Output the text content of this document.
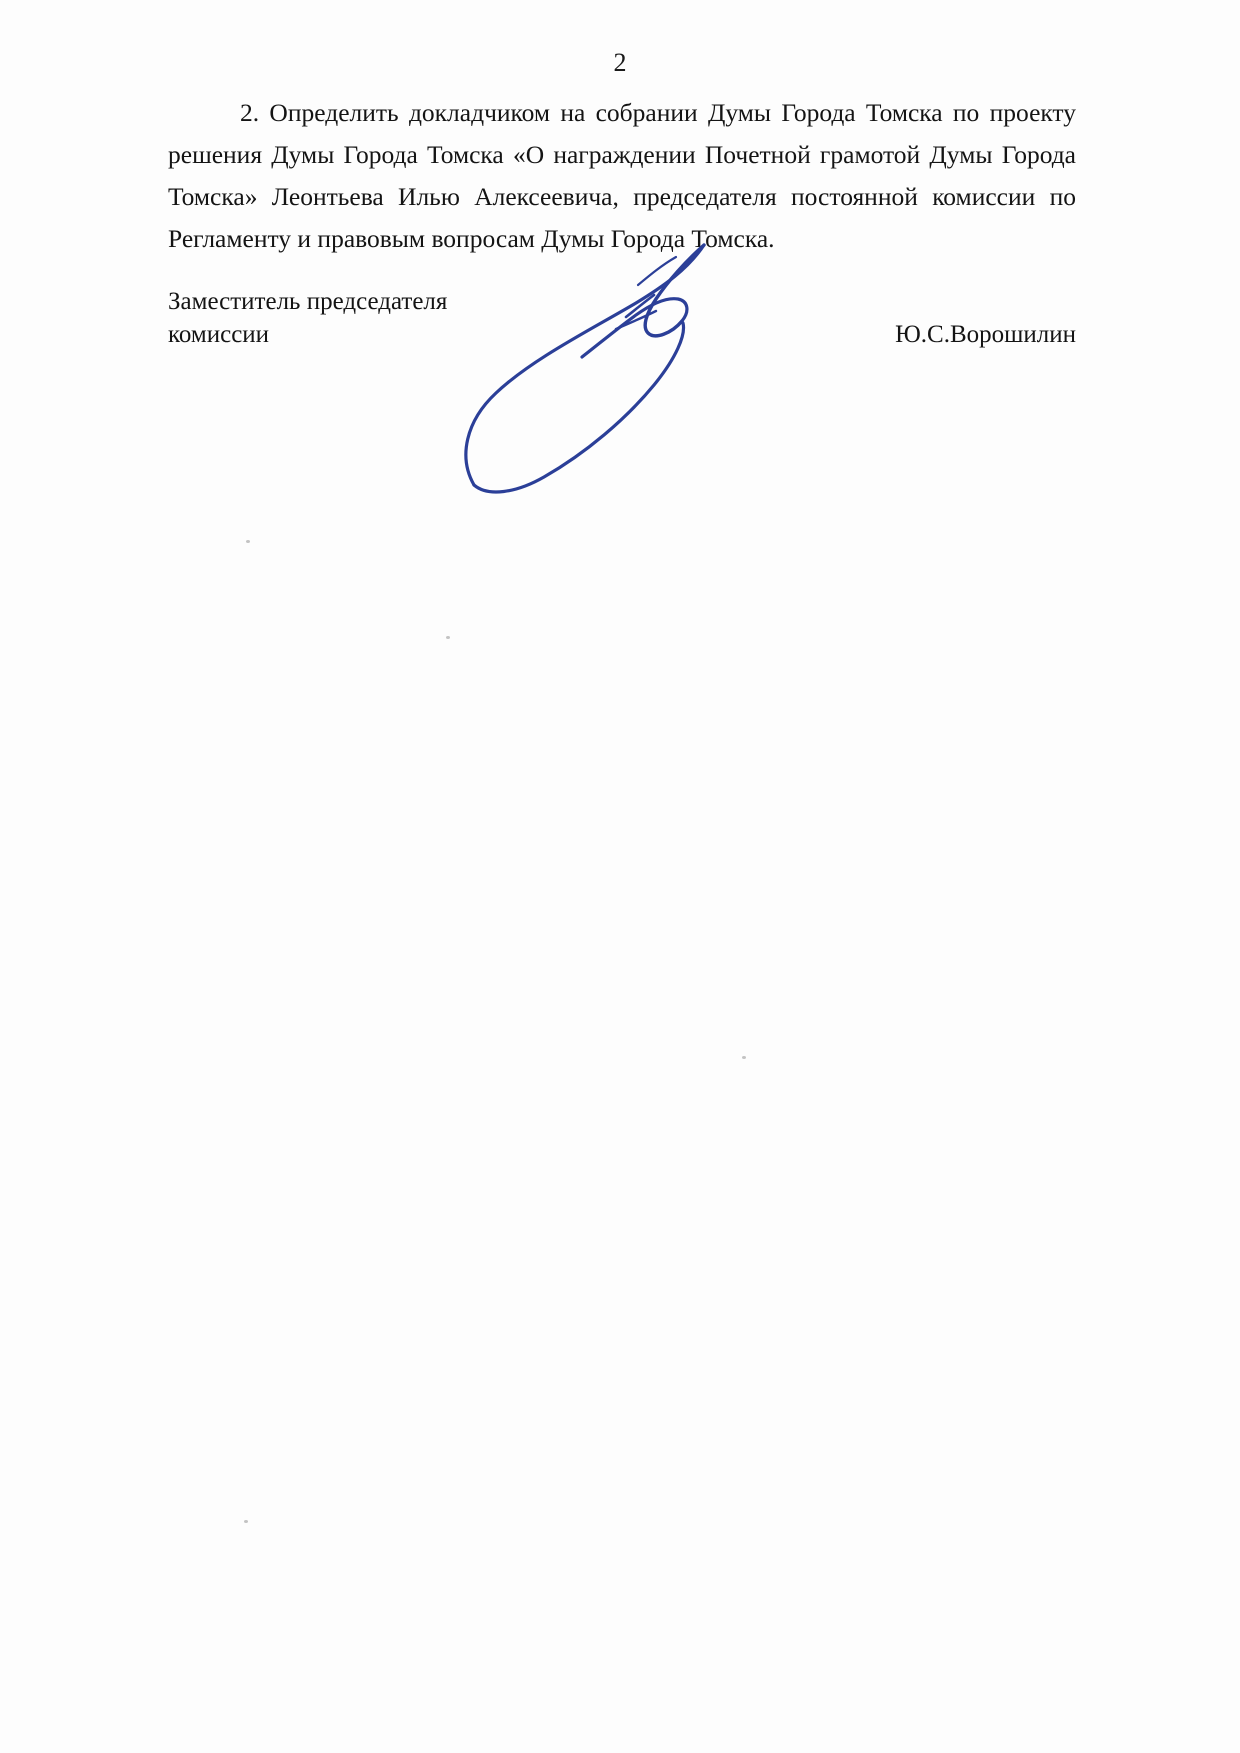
2

2. Определить докладчиком на собрании Думы Города Томска по проекту решения Думы Города Томска «О награждении Почетной грамотой Думы Города Томска» Леонтьева Илью Алексеевича, председателя постоянной комиссии по Регламенту и правовым вопросам Думы Города Томска.

Заместитель председателя
комиссии	Ю.С.Ворошилин
